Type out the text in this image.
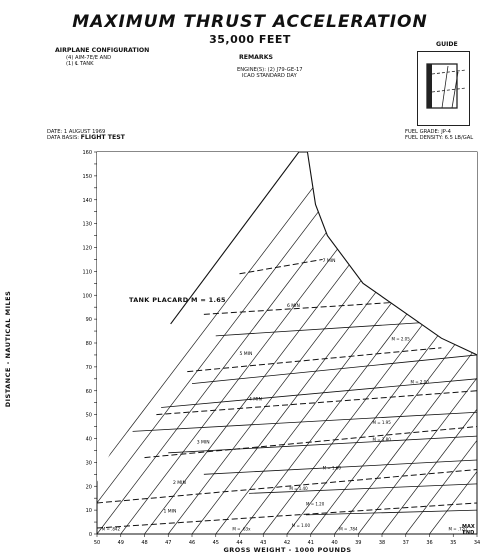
MAXIMUM THRUST ACCELERATION
35,000 FEET
AIRPLANE CONFIGURATION
(4) AIM-7E/E AND
(1) ℄ TANK
REMARKS
ENGINE(S): (2) J79-GE-17
ICAO STANDARD DAY
GUIDE
DATE: 1 AUGUST 1969
DATA BASIS: FLIGHT TEST
FUEL GRADE: JP-4
FUEL DENSITY: 6.5 LB/GAL
0
10
20
30
40
50
60
70
80
90
100
110
120
130
140
150
160
50	49	48	47	46	45	44	43	42	41	40	39	38	37	36	35	34
1 MIN
2 MIN
3 MIN
4 MIN
5 MIN
6 MIN
7 MIN
M = .842	M = .63x
M = 1.00
M = .784	M = .720
M = 1.20
M = 1.40
M = 1.60
M = 1.80
M = 1.95
M = 2.00
M = 2.05
DISTANCE - NAUTICAL MILES
GROSS WEIGHT - 1000 POUNDS
TANK PLACARD M = 1.65
MAX
END
